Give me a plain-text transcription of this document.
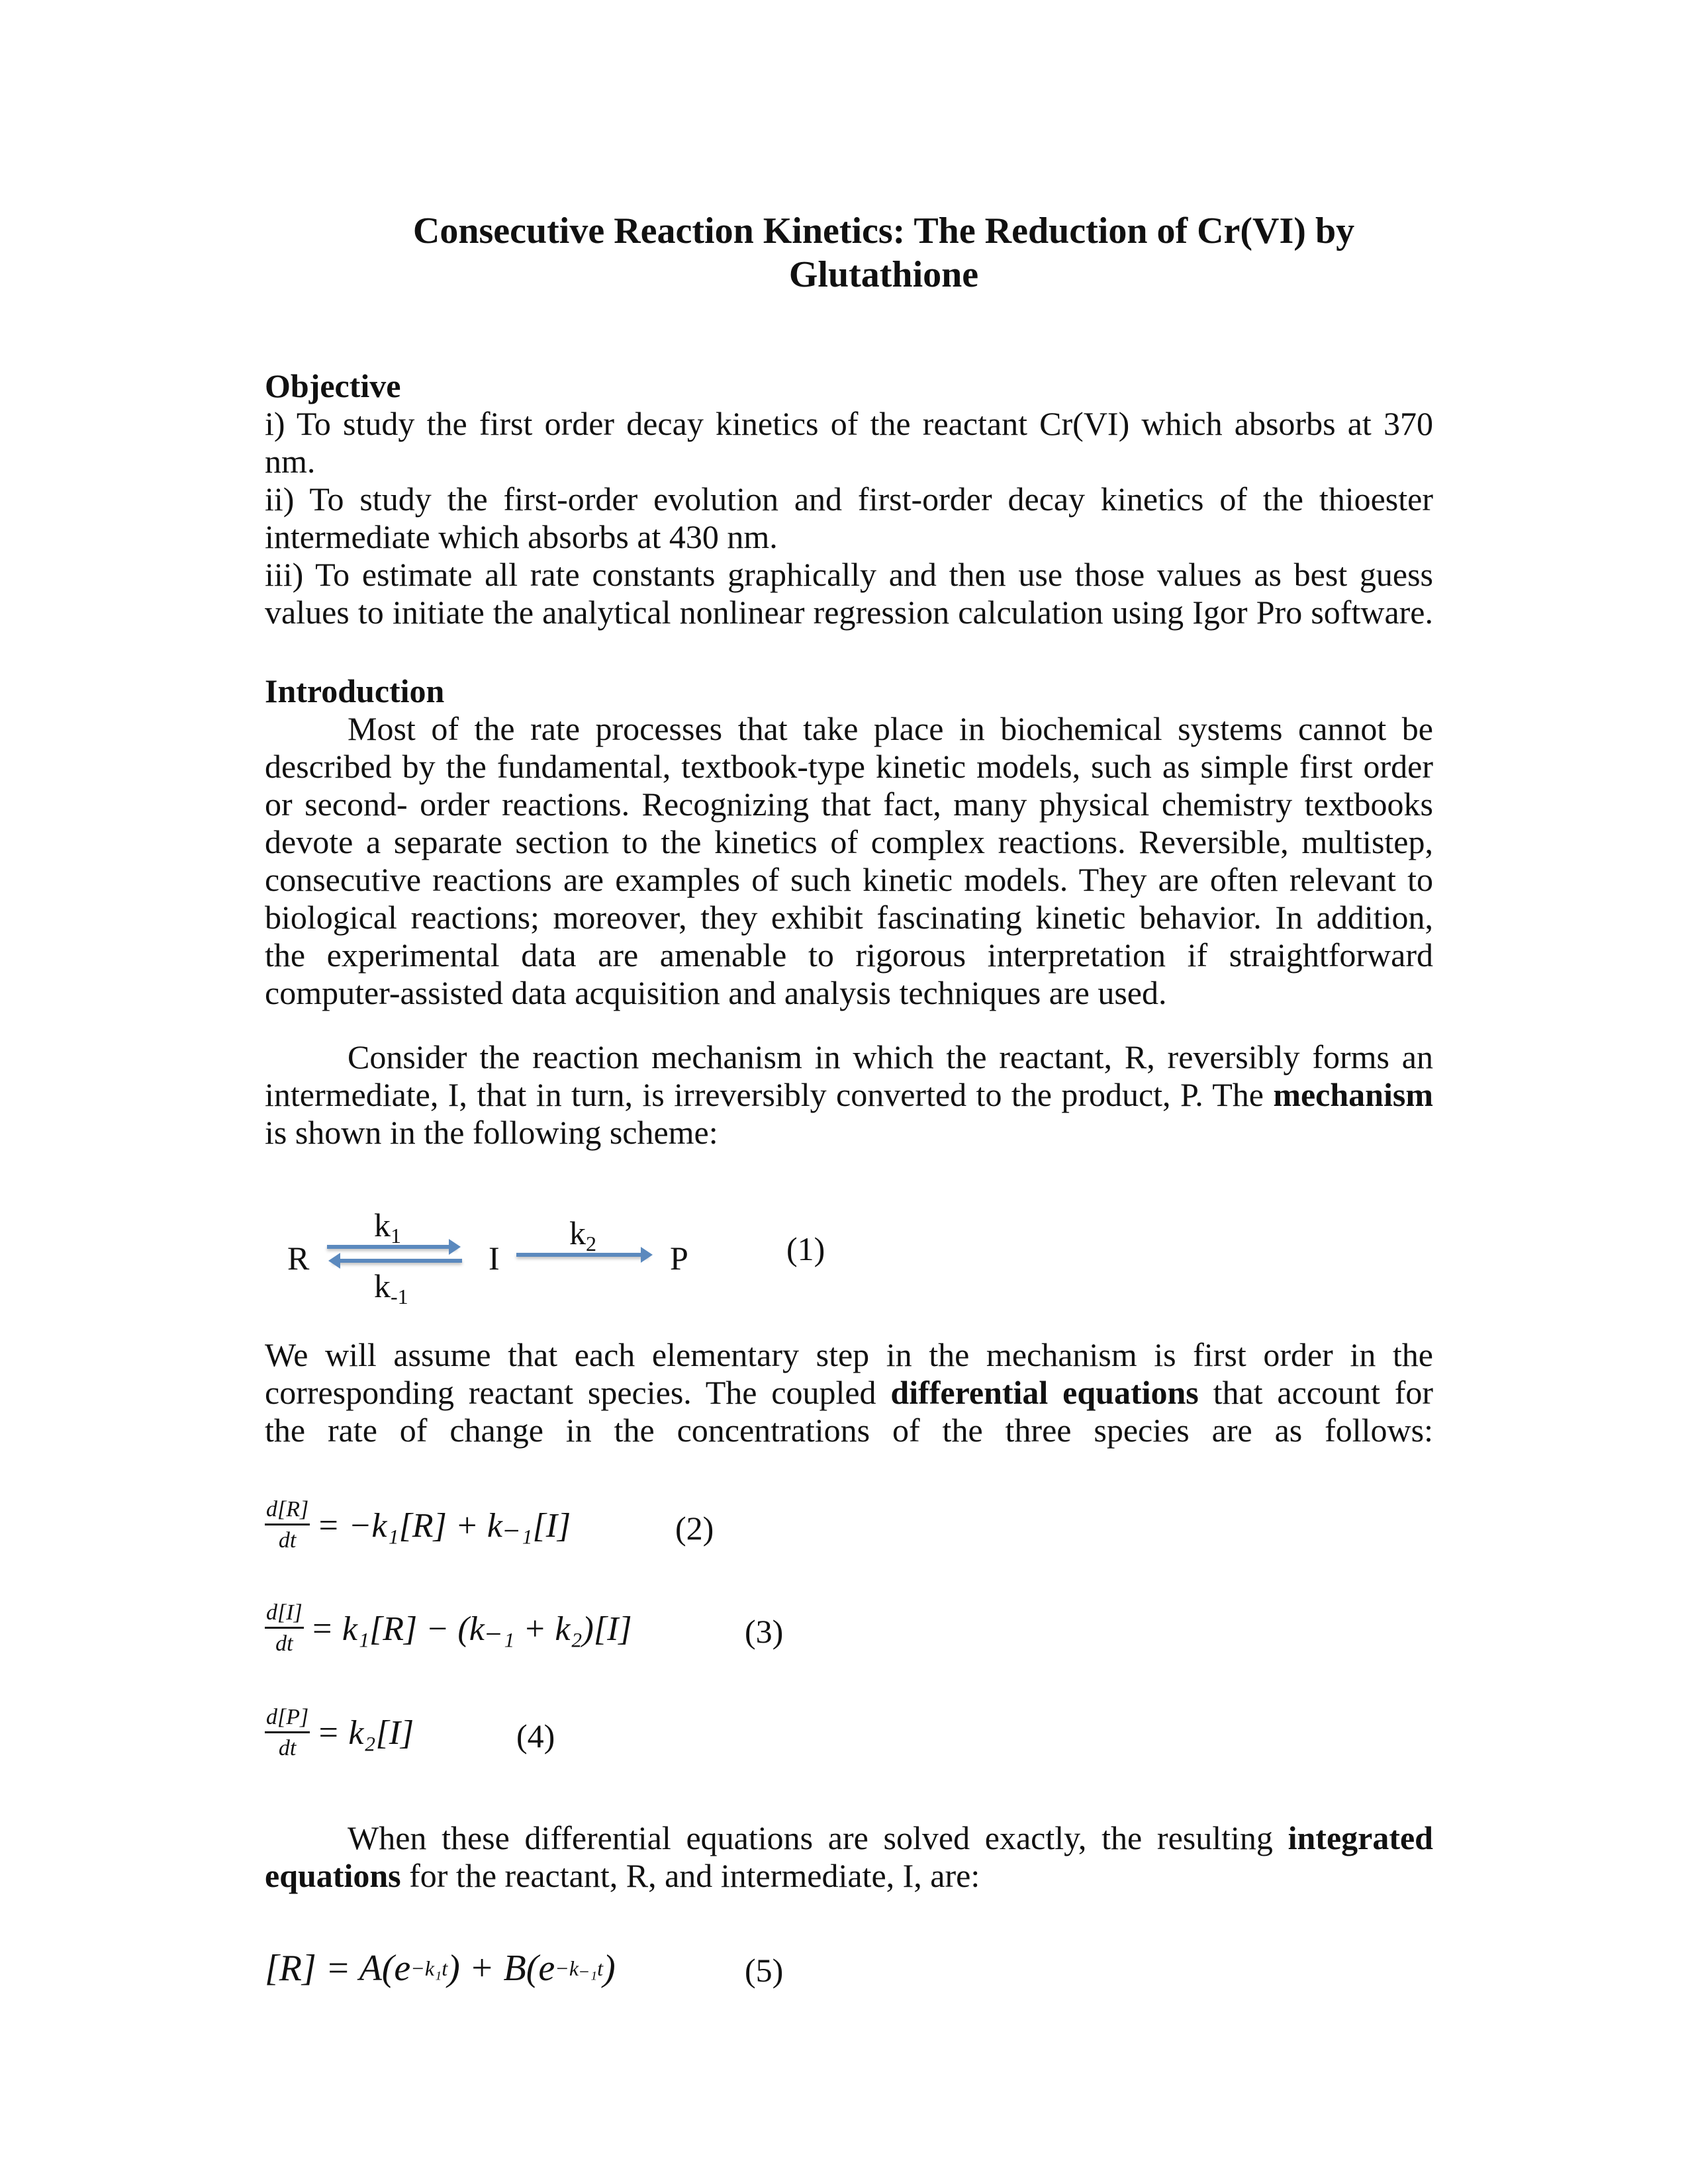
Consecutive Reaction Kinetics: The Reduction of Cr(VI) by
Glutathione
Objective
i) To study the first order decay kinetics of the reactant Cr(VI) which absorbs at 370
nm.
ii) To study the first-order evolution and first-order decay kinetics of the thioester
intermediate which absorbs at 430 nm.
iii) To estimate all rate constants graphically and then use those values as best guess
values to initiate the analytical nonlinear regression calculation using Igor Pro software.
Introduction
Most of the rate processes that take place in biochemical systems cannot be
described by the fundamental, textbook-type kinetic models, such as simple first order
or second- order reactions. Recognizing that fact, many physical chemistry textbooks
devote a separate section to the kinetics of complex reactions. Reversible, multistep,
consecutive reactions are examples of such kinetic models. They are often relevant to
biological reactions; moreover, they exhibit fascinating kinetic behavior. In addition,
the experimental data are amenable to rigorous interpretation if straightforward
computer-assisted data acquisition and analysis techniques are used.
Consider the reaction mechanism in which the reactant, R, reversibly forms an
intermediate, I, that in turn, is irreversibly converted to the product, P. The mechanism
is shown in the following scheme:
R
$k_1$
$k_{-1}$
I
$k_2$ P	(1)
We will assume that each elementary step in the mechanism is first order in the
corresponding reactant species. The coupled differential equations that account for
the rate of change in the concentrations of the three species are as follows:
$\frac{d[R]}{dt} = -k_1[R] + k_{-1}[I]$	(2)
$\frac{d[I]}{dt} = k_1[R] - (k_{-1} + k_2)[I]$	(3)
$\frac{d[P]}{dt} = k_2[I]$	(4)
When these differential equations are solved exactly, the resulting integrated
equations for the reactant, R, and intermediate, I, are:
[R] = A(e −k₁t ) + B(e −k₋₁t )	(5)
